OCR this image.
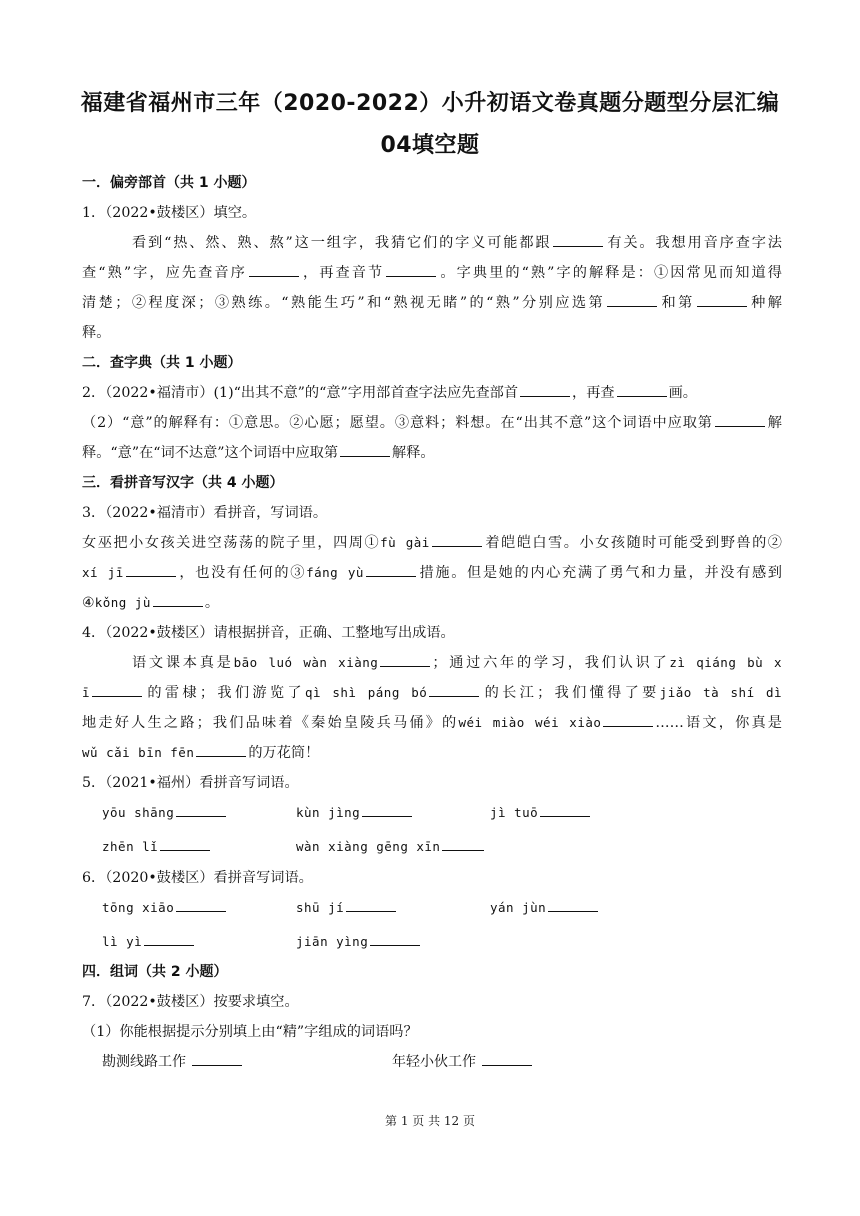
福建省福州市三年（2020-2022）小升初语文卷真题分题型分层汇编
04填空题
一．偏旁部首（共 1 小题）
1．（2022•鼓楼区）填空。
看到“热、然、熟、熬”这一组字，我猜它们的字义可能都跟	有关。我想用音序查字法
查“熟”字，应先查音序	，再查音节	。字典里的“熟”字的解释是：①因常见而知道得
清楚；②程度深；③熟练。“熟能生巧”和“熟视无睹”的“熟”分别应选第	和第	种解
释。
二．查字典（共 1 小题）
2．（2022•福清市）(1)“出其不意”的“意”字用部首查字法应先查部首	，再查	画。
（2）“意”的解释有：①意思。②心愿；愿望。③意料；料想。在“出其不意”这个词语中应取第	解
释。“意”在“词不达意”这个词语中应取第	解释。
三．看拼音写汉字（共 4 小题）
3．（2022•福清市）看拼音，写词语。
女巫把小女孩关进空荡荡的院子里，四周①fù gài	着皑皑白雪。小女孩随时可能受到野兽的②
xí jī	，也没有任何的③fáng yù	措施。但是她的内心充满了勇气和力量，并没有感到
④kǒng jù	。
4．（2022•鼓楼区）请根据拼音，正确、工整地写出成语。
语文课本真是bāo luó wàn xiàng	；通过六年的学习，我们认识了zì qiáng bù x
ī	的雷棣；我们游览了qì shì páng bó	的长江；我们懂得了要jiǎo tà shí dì
地走好人生之路；我们品味着《秦始皇陵兵马俑》的wéi miào wéi xiào	……语文，你真是
wǔ cǎi bīn fēn	的万花筒！
5．（2021•福州）看拼音写词语。
yōu shāng	kùn jìng	jì tuō
zhēn lǐ	wàn xiàng gēng xīn
6．（2020•鼓楼区）看拼音写词语。
tōng xiāo	shū jí	yán jùn
lì yì	jiān yìng
四．组词（共 2 小题）
7．（2022•鼓楼区）按要求填空。
（1）你能根据提示分别填上由“精”字组成的词语吗？
勘测线路工作	年轻小伙工作
第 1 页 共 12 页
